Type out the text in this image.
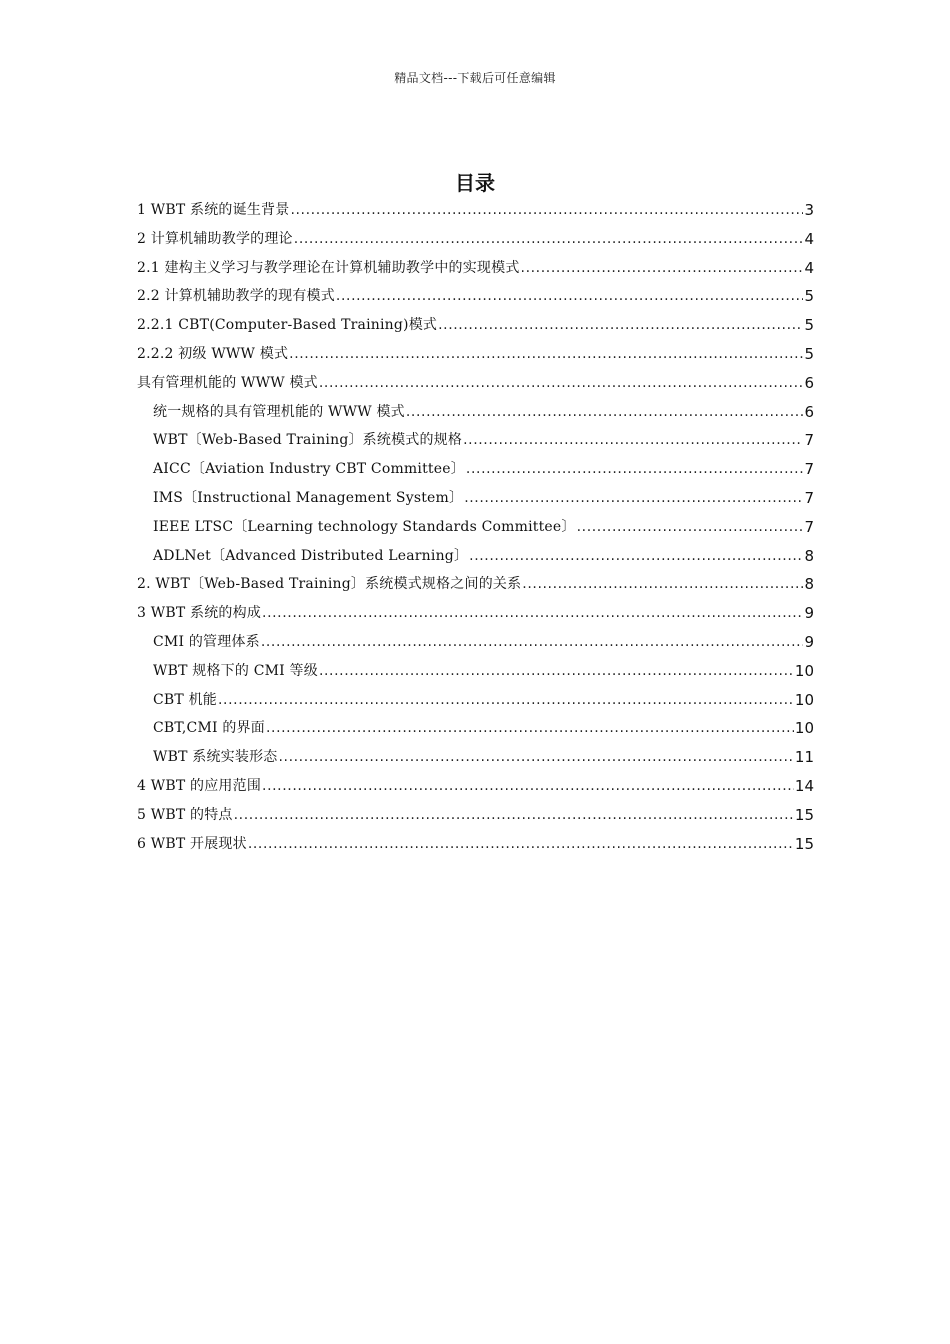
精品文档---下载后可任意编辑
目录
1 WBT 系统的诞生背景 .....	3
2 计算机辅助教学的理论 .....	4
2.1 建构主义学习与教学理论在计算机辅助教学中的实现模式 .....	4
2.2 计算机辅助教学的现有模式 .....	5
2.2.1 CBT(Computer-Based Training)模式 .....	5
2.2.2 初级 WWW 模式 .....	5
具有管理机能的 WWW 模式 .....	6
统一规格的具有管理机能的 WWW 模式 .....	6
WBT〔Web-Based Training〕系统模式的规格 .....	7
AICC〔Aviation Industry CBT Committee〕 .....	7
IMS〔Instructional Management System〕 .....	7
IEEE LTSC〔Learning technology Standards Committee〕 .....	7
ADLNet〔Advanced Distributed Learning〕 .....	8
2. WBT〔Web-Based Training〕系统模式规格之间的关系 .....	8
3 WBT 系统的构成 .....	9
CMI 的管理体系 .....	9
WBT 规格下的 CMI 等级 .....	10
CBT 机能 .....	10
CBT,CMI 的界面 .....	10
WBT 系统实装形态 .....	11
4 WBT 的应用范围 .....	14
5 WBT 的特点 .....	15
6 WBT 开展现状 .....	15
